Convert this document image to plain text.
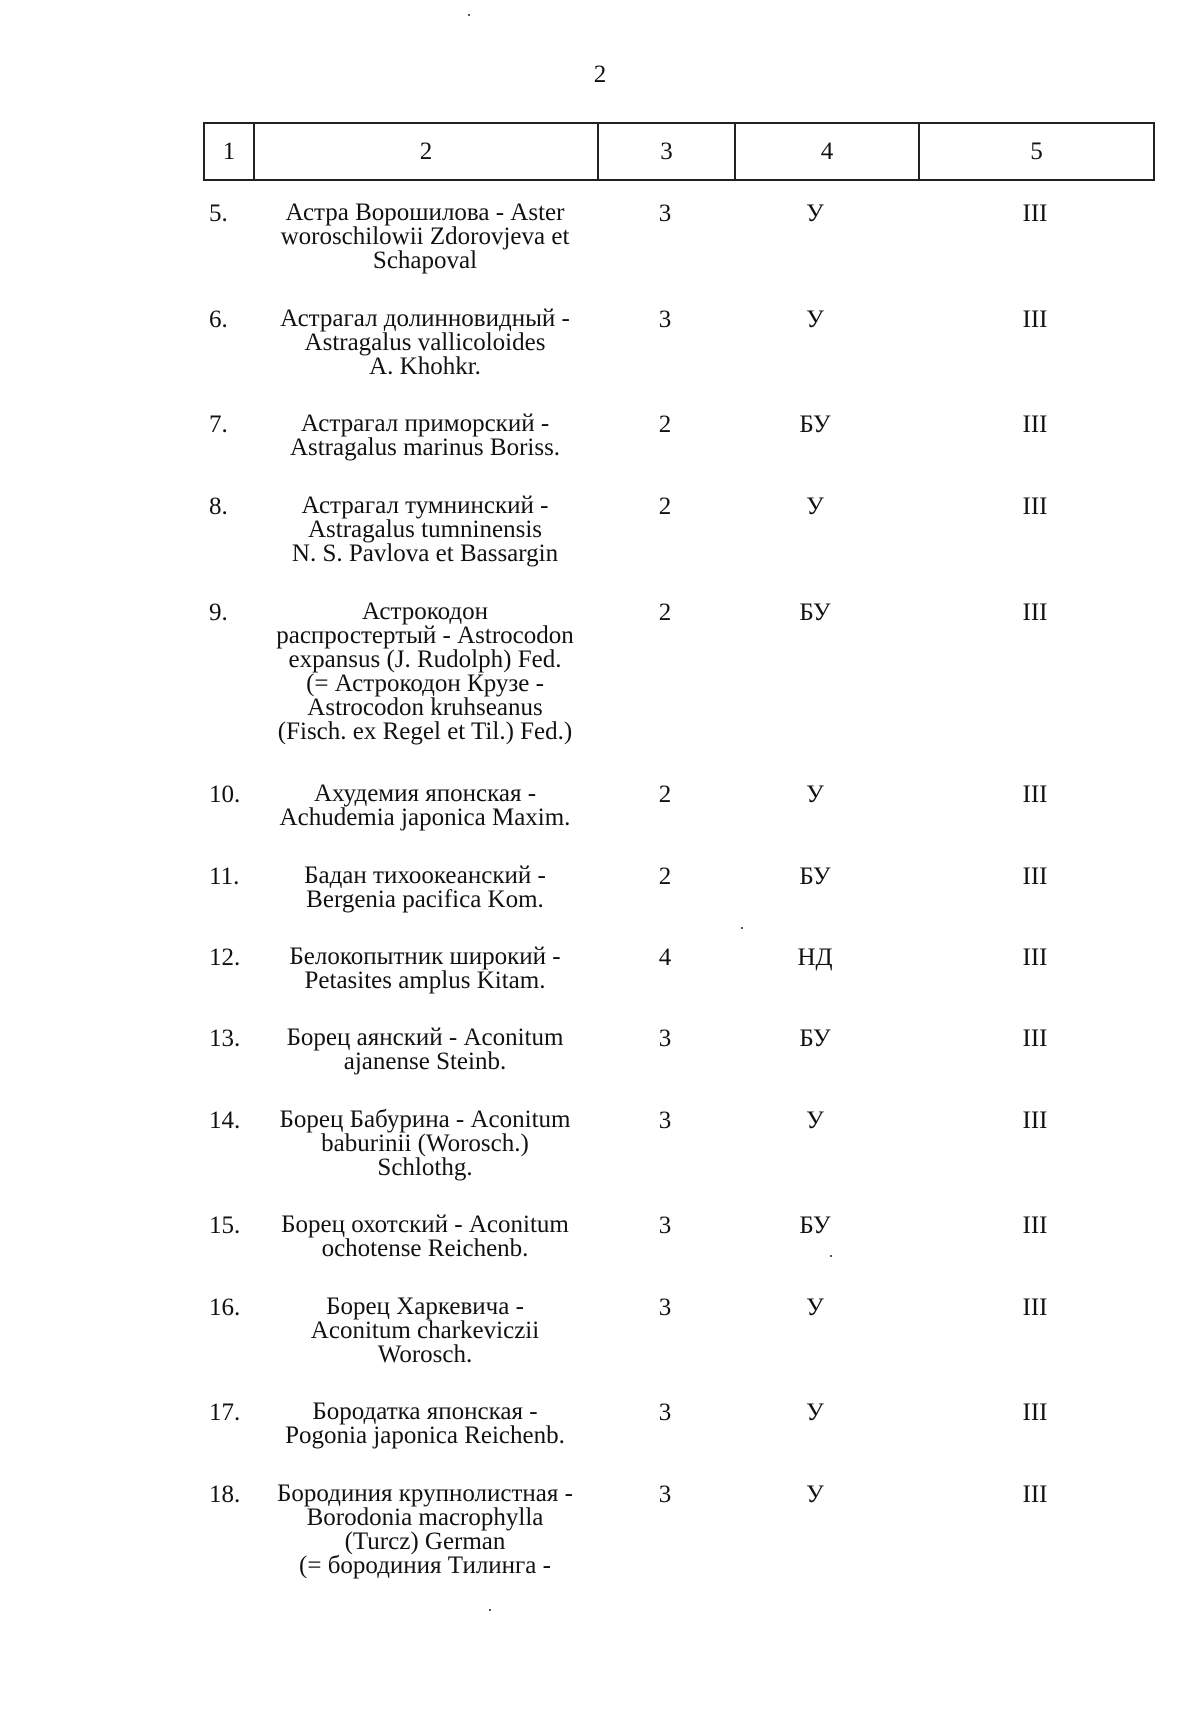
2
1	2	3	4	5
5.	Астра Ворошилова - Aster
woroschilowii Zdorovjeva et
Schapoval
3	У	III
6.	Астрагал долинновидный -
Astragalus vallicoloides
A. Khohkr.
3	У	III
7.	Астрагал приморский -
Astragalus marinus Boriss.
2	БУ	III
8.	Астрагал тумнинский -
Astragalus tumninensis
N. S. Pavlova et Bassargin
2	У	III
9.	Астрокодон
распростертый - Astrocodon
expansus (J. Rudolph) Fed.
(= Астрокодон Крузе -
Astrocodon kruhseanus
(Fisch. ex Regel et Til.) Fed.)
2	БУ	III
10.	Ахудемия японская -
Achudemia japonica Maxim.
2	У	III
11.	Бадан тихоокеанский -
Bergenia pacifica Kom.
2	БУ	III
12.	Белокопытник широкий -
Petasites amplus Kitam.
4	НД	III
13.	Борец аянский - Aconitum
ajanense Steinb.
3	БУ	III
14.	Борец Бабурина - Aconitum
baburinii (Worosch.)
Schlothg.
3	У	III
15.	Борец охотский - Aconitum
ochotense Reichenb.
3	БУ	III
16.	Борец Харкевича -
Aconitum charkeviczii
Worosch.
3	У	III
17.	Бородатка японская -
Pogonia japonica Reichenb.
3	У	III
18.	Бородиния крупнолистная -
Borodonia macrophylla
(Turcz) German
(= бородиния Тилинга -
3	У	III
